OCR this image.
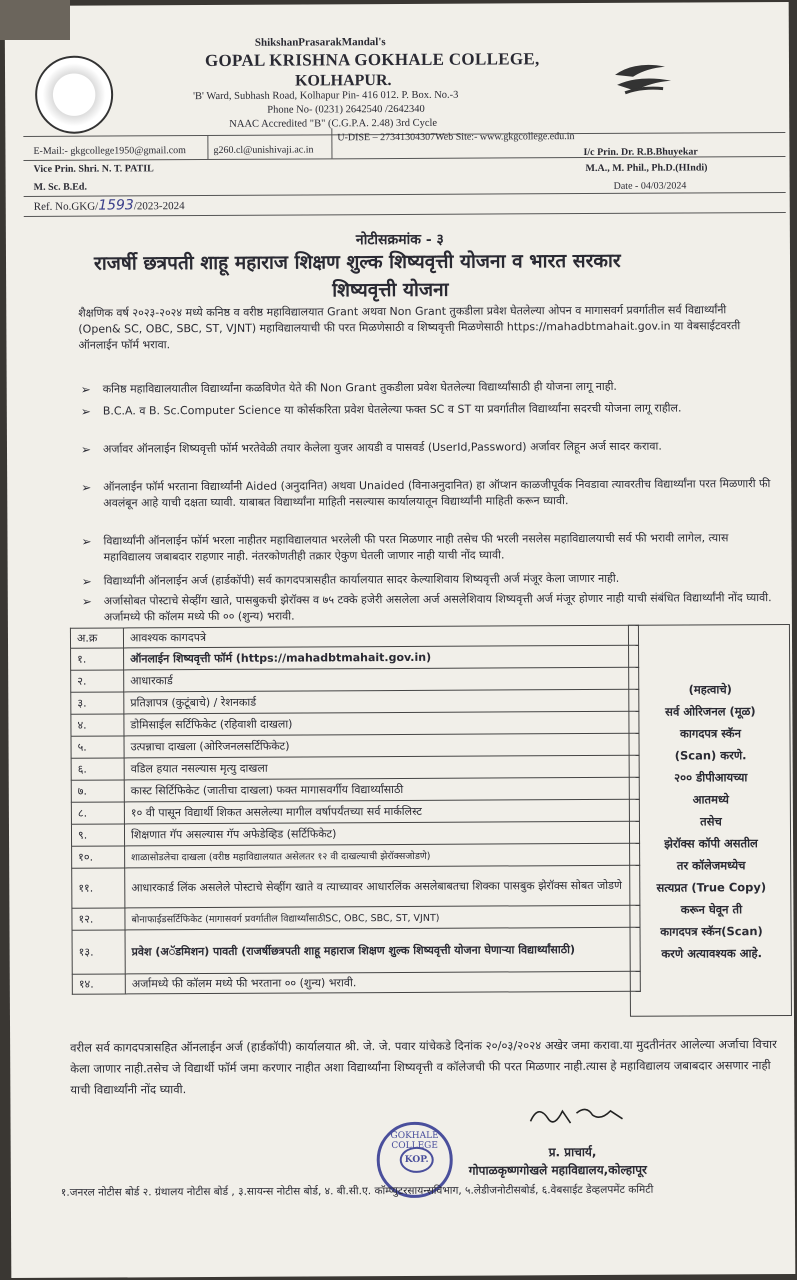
ShikshanPrasarakMandal's
GOPAL KRISHNA GOKHALE COLLEGE,
KOLHAPUR.
'B' Ward, Subhash Road, Kolhapur Pin- 416 012. P. Box. No.-3
Phone No- (0231) 2642540 /2642340
NAAC Accredited "B" (C.G.P.A. 2.48) 3rd Cycle
E-Mail:- gkgcollege1950@gmail.com	g260.cl@unishivaji.ac.in
U-DISE – 27341304307Web Site:- www.gkgcollege.edu.in
Vice Prin. Shri. N. T. PATIL
I/c Prin. Dr. R.B.Bhuyekar
M. Sc. B.Ed.
M.A., M. Phil., Ph.D.(HIndi)
Date - 04/03/2024
Ref. No.GKG/1593/2023-2024
नोटीसक्रमांक - ३
राजर्षी छत्रपती शाहू महाराज शिक्षण शुल्क शिष्यवृत्ती योजना व भारत सरकार
शिष्यवृत्ती योजना
शैक्षणिक वर्ष २०२३-२०२४ मध्ये कनिष्ठ व वरीष्ठ महाविद्यालयात Grant अथवा Non Grant तुकडीला प्रवेश घेतलेल्या ओपन व मागासवर्ग प्रवर्गातील सर्व विद्यार्थ्यांनी (Open& SC, OBC, SBC, ST, VJNT) महाविद्यालयाची फी परत मिळणेसाठी व शिष्यवृत्ती मिळणेसाठी https://mahadbtmahait.gov.in या वेबसाईटवरती ऑनलाईन फॉर्म भरावा.
➢ कनिष्ठ महाविद्यालयातील विद्यार्थ्यांना कळविणेत येते की Non Grant तुकडीला प्रवेश घेतलेल्या विद्यार्थ्यांसाठी ही योजना लागू नाही.
➢ B.C.A. व B. Sc.Computer Science या कोर्सकरिता प्रवेश घेतलेल्या फक्त SC व ST या प्रवर्गातील विद्यार्थ्यांना सदरची योजना लागू राहील.
➢ अर्जावर ऑनलाईन शिष्यवृत्ती फॉर्म भरतेवेळी तयार केलेला युजर आयडी व पासवर्ड (UserId,Password) अर्जावर लिहून अर्ज सादर करावा.
➢ ऑनलाईन फॉर्म भरताना विद्यार्थ्यांनी Aided (अनुदानित) अथवा Unaided (विनाअनुदानित) हा ऑप्शन काळजीपूर्वक निवडावा त्यावरतीच विद्यार्थ्यांना परत मिळणारी फी अवलंबून आहे याची दक्षता घ्यावी. याबाबत विद्यार्थ्यांना माहिती नसल्यास कार्यालयातून विद्यार्थ्यांनी माहिती करून घ्यावी.
➢ विद्यार्थ्यांनी ऑनलाईन फॉर्म भरला नाहीतर महाविद्यालयात भरलेली फी परत मिळणार नाही तसेच फी भरली नसलेस महाविद्यालयाची सर्व फी भरावी लागेल, त्यास महाविद्यालय जबाबदार राहणार नाही. नंतरकोणतीही तक्रार ऐकुण घेतली जाणार नाही याची नोंद घ्यावी.
➢ विद्यार्थ्यांनी ऑनलाईन अर्ज (हार्डकॉपी) सर्व कागदपत्रासहीत कार्यालयात सादर केल्याशिवाय शिष्यवृत्ती अर्ज मंजूर केला जाणार नाही.
➢ अर्जासोबत पोस्टाचे सेव्हींग खाते, पासबुकची झेरॉक्स व ७५ टक्के हजेरी असलेला अर्ज असलेशिवाय शिष्यवृत्ती अर्ज मंजूर होणार नाही याची संबंधित विद्यार्थ्यांनी नोंद घ्यावी. अर्जामध्ये फी कॉलम मध्ये फी ०० (शुन्य) भरावी.
अ.क्र	आवश्यक कागदपत्रे
१.	ऑनलाईन शिष्यवृत्ती फॉर्म (https://mahadbtmahait.gov.in)
२.	आधारकार्ड
३.	प्रतिज्ञापत्र (कुटूंबाचे) / रेशनकार्ड
४.	डोमिसाईल सर्टिफिकेट (रहिवाशी दाखला)
५.	उत्पन्नाचा दाखला (ओरिजनलसर्टिफिकेट)
६.	वडिल हयात नसल्यास मृत्यु दाखला
७.	कास्ट सिर्टिफिकेट (जातीचा दाखला) फक्त मागासवर्गीय विद्यार्थ्यांसाठी
८.	१० वी पासून विद्यार्थी शिकत असलेल्या मागील वर्षापर्यंतच्या सर्व मार्कलिस्ट
९.	शिक्षणात गॅप असल्यास गॅप अफेडेव्हिड (सर्टिफिकेट)
१०.	शाळासोडलेचा दाखला (वरीष्ठ महाविद्यालयात असेलतर १२ वी दाखल्याची झेरॉक्सजोडणे)
११.	आधारकार्ड लिंक असलेले पोस्टाचे सेव्हींग खाते व त्याच्यावर आधारलिंक असलेबाबतचा शिक्का पासबुक झेरॉक्स सोबत जोडणे
१२.	बोनाफाईडसर्टिफिकेट (मागासवर्ग प्रवर्गातील विद्यार्थ्यांसाठीSC, OBC, SBC, ST, VJNT)
१३.	प्रवेश (अॅडमिशन) पावती (राजर्षीछत्रपती शाहू महाराज शिक्षण शुल्क शिष्यवृत्ती योजना घेणाऱ्या विद्यार्थ्यांसाठी)
१४.	अर्जामध्ये फी कॉलम मध्ये फी भरताना ०० (शुन्य) भरावी.
(महत्वाचे)
सर्व ओरिजनल (मूळ)
कागदपत्र स्कॅन
(Scan) करणे.
२०० डीपीआयच्या
आतमध्ये
तसेच
झेरॉक्स कॉपी असतील
तर कॉलेजमध्येच
सत्यप्रत (True Copy)
करून घेवून ती
कागदपत्र स्कॅन(Scan)
करणे अत्यावश्यक आहे.
वरील सर्व कागदपत्रासहित ऑनलाईन अर्ज (हार्डकॉपी) कार्यालयात श्री. जे. जे. पवार यांचेकडे दिनांक २०/०३/२०२४ अखेर जमा करावा.या मुदतीनंतर आलेल्या अर्जाचा विचार केला जाणार नाही.तसेच जे विद्यार्थी फॉर्म जमा करणार नाहीत अशा विद्यार्थ्यांना शिष्यवृत्ती व कॉलेजची फी परत मिळणार नाही.त्यास हे महाविद्यालय जबाबदार असणार नाही याची विद्यार्थ्यांनी नोंद घ्यावी.
GOKHALE COLLEGE
KOP.
प्र. प्राचार्य,
गोपाळकृष्णगोखले महाविद्यालय,कोल्हापूर
१.जनरल नोटीस बोर्ड २. ग्रंथालय नोटीस बोर्ड , ३.सायन्स नोटीस बोर्ड, ४. बी.सी.ए. कॉम्प्युटरसायन्सविभाग, ५.लेडीजनोटीसबोर्ड, ६.वेबसाईट डेव्हलपमेंट कमिटी
